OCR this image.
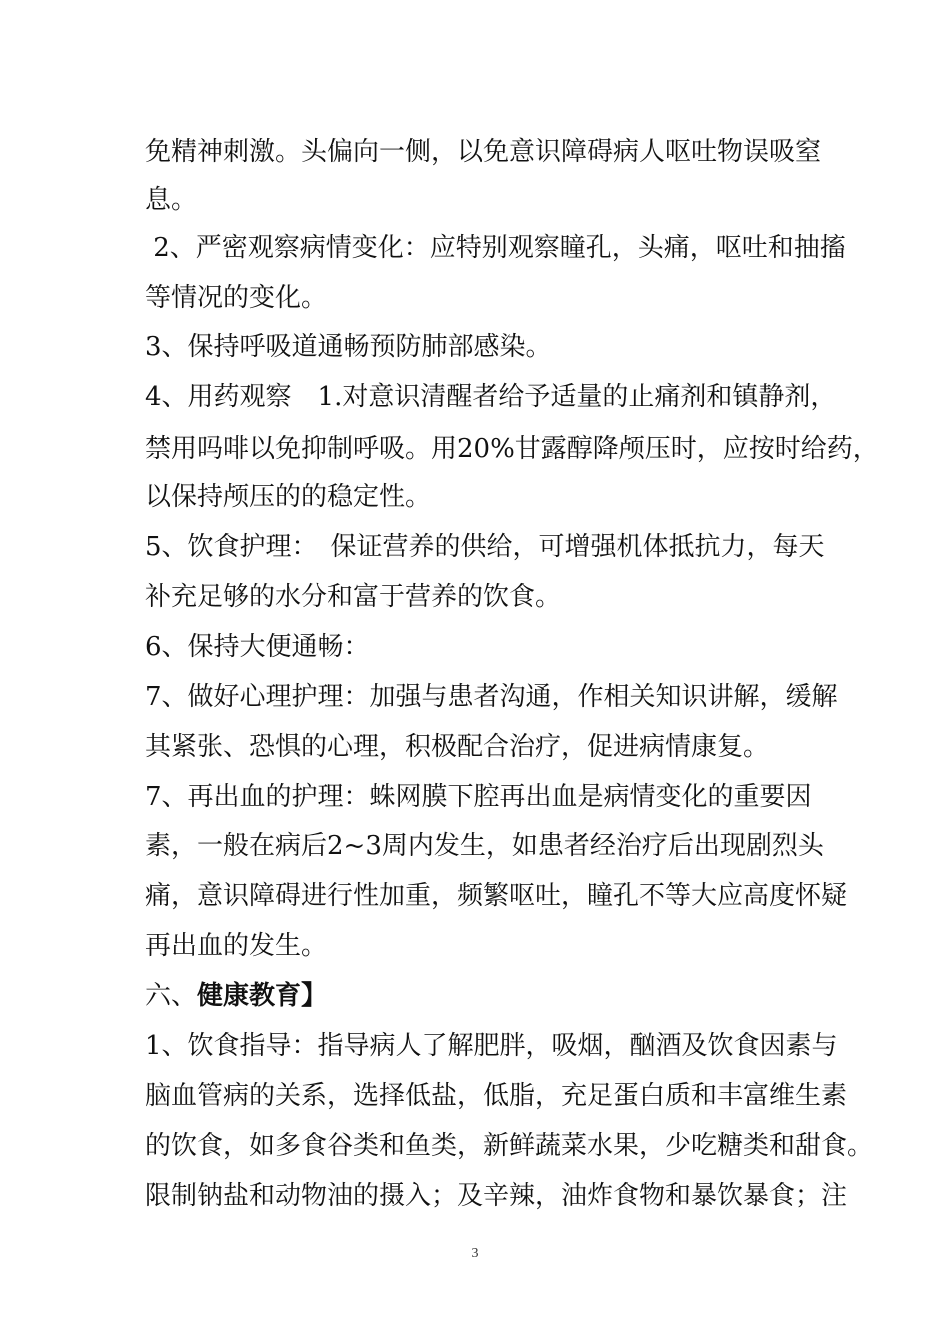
免精神刺激。头偏向一侧，以免意识障碍病人呕吐物误吸窒
息。
2、严密观察病情变化：应特别观察瞳孔，头痛，呕吐和抽搐
等情况的变化。
3、保持呼吸道通畅预防肺部感染。
4、用药观察　1.对意识清醒者给予适量的止痛剂和镇静剂，
禁用吗啡以免抑制呼吸。用20%甘露醇降颅压时，应按时给药，
以保持颅压的的稳定性。
5、饮食护理：　保证营养的供给，可增强机体抵抗力，每天
补充足够的水分和富于营养的饮食。
6、保持大便通畅：
7、做好心理护理：加强与患者沟通，作相关知识讲解，缓解
其紧张、恐惧的心理，积极配合治疗，促进病情康复。
7、再出血的护理：蛛网膜下腔再出血是病情变化的重要因
素，一般在病后2~3周内发生，如患者经治疗后出现剧烈头
痛，意识障碍进行性加重，频繁呕吐，瞳孔不等大应高度怀疑
再出血的发生。
六、健康教育】
1、饮食指导：指导病人了解肥胖，吸烟，酗酒及饮食因素与
脑血管病的关系，选择低盐，低脂，充足蛋白质和丰富维生素
的饮食，如多食谷类和鱼类，新鲜蔬菜水果，少吃糖类和甜食。
限制钠盐和动物油的摄入；及辛辣，油炸食物和暴饮暴食；注
3
